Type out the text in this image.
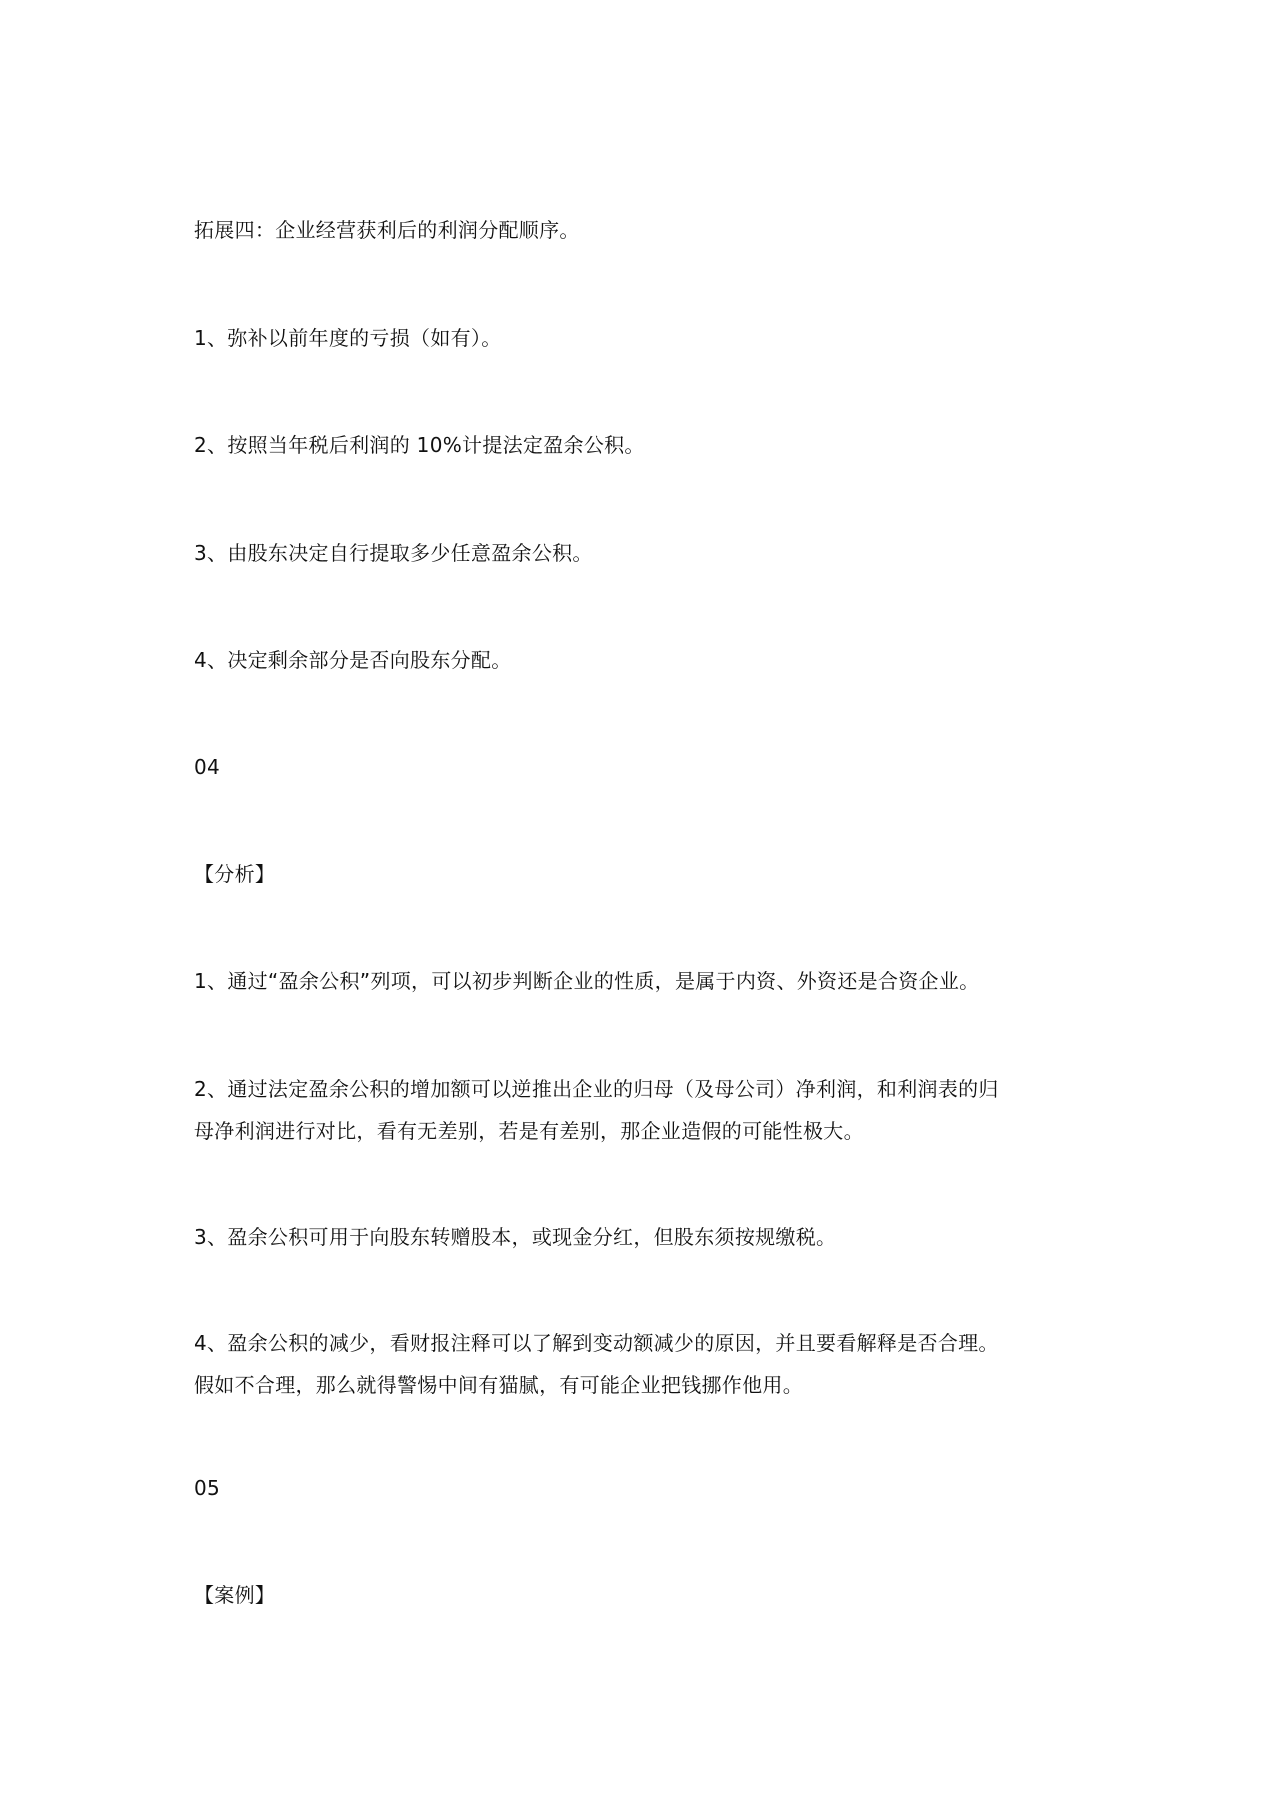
拓展四：企业经营获利后的利润分配顺序。
1、弥补以前年度的亏损（如有）。
2、按照当年税后利润的 10%计提法定盈余公积。
3、由股东决定自行提取多少任意盈余公积。
4、决定剩余部分是否向股东分配。
04
【分析】
1、通过“盈余公积”列项，可以初步判断企业的性质，是属于内资、外资还是合资企业。
2、通过法定盈余公积的增加额可以逆推出企业的归母（及母公司）净利润，和利润表的归
母净利润进行对比，看有无差别，若是有差别，那企业造假的可能性极大。
3、盈余公积可用于向股东转赠股本，或现金分红，但股东须按规缴税。
4、盈余公积的减少，看财报注释可以了解到变动额减少的原因，并且要看解释是否合理。
假如不合理，那么就得警惕中间有猫腻，有可能企业把钱挪作他用。
05
【案例】
